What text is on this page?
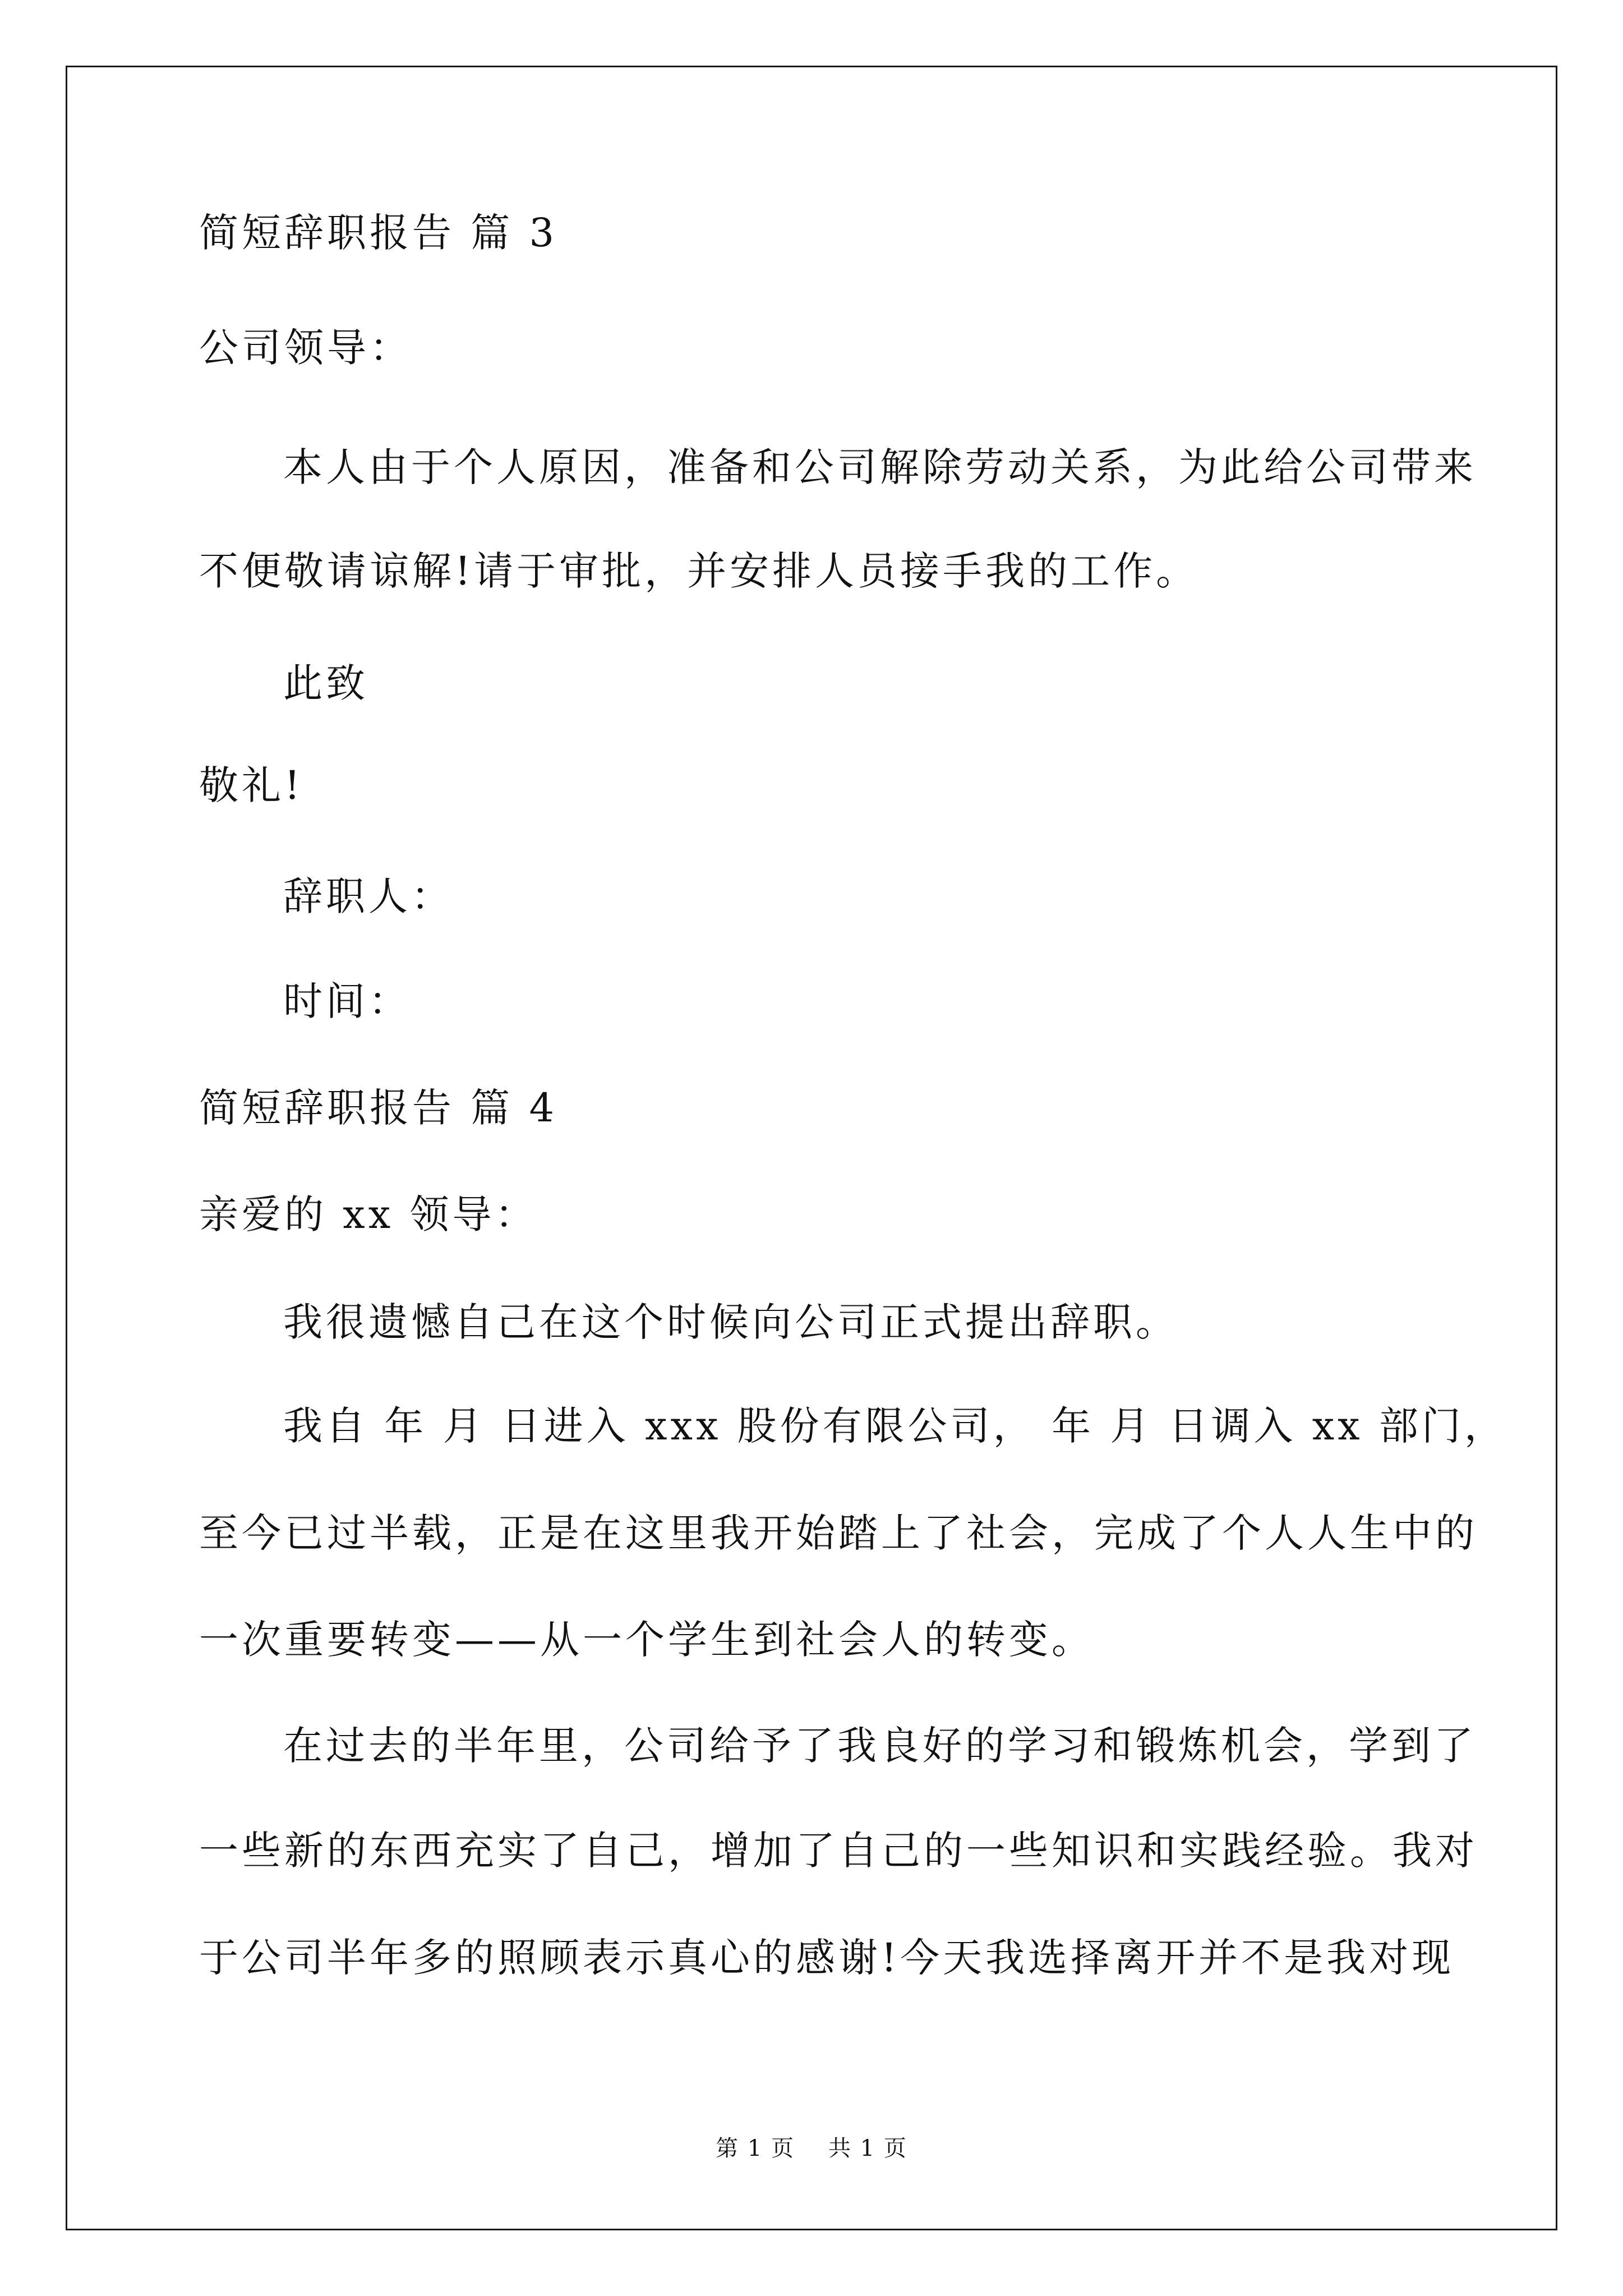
简短辞职报告 篇 3
公司领导：
本人由于个人原因，准备和公司解除劳动关系，为此给公司带来
不便敬请谅解!请于审批，并安排人员接手我的工作。
此致
敬礼!
辞职人：
时间：
简短辞职报告 篇 4
亲爱的 xx 领导：
我很遗憾自己在这个时候向公司正式提出辞职。
我自 年 月 日进入 xxx 股份有限公司， 年 月 日调入 xx 部门，
至今已过半载，正是在这里我开始踏上了社会，完成了个人人生中的
一次重要转变——从一个学生到社会人的转变。
在过去的半年里，公司给予了我良好的学习和锻炼机会，学到了
一些新的东西充实了自己，增加了自己的一些知识和实践经验。我对
于公司半年多的照顾表示真心的感谢!今天我选择离开并不是我对现
第 1 页 共 1 页
